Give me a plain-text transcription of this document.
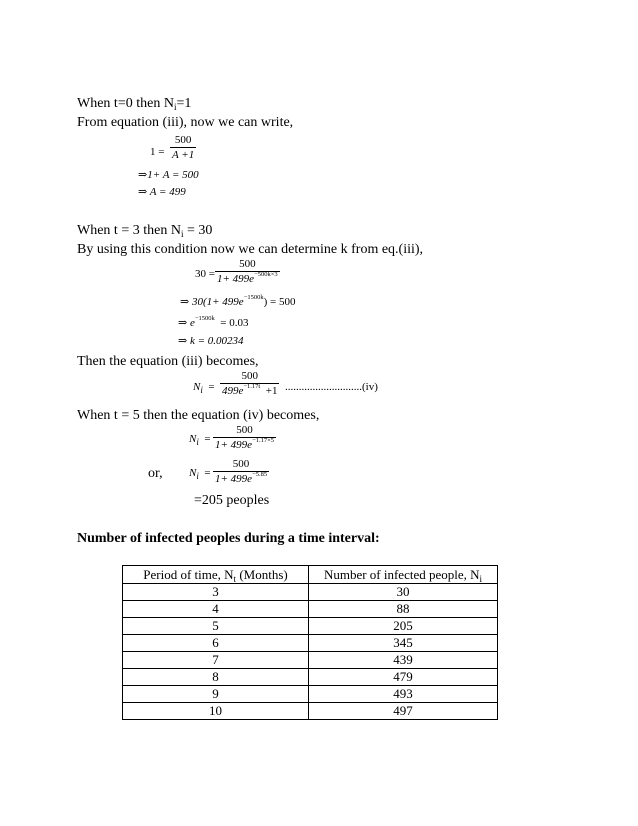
When t=0 then $N_i=1$
From equation (iii), now we can write,
$1 = \frac{500}{A +1}$
⇒1+ A = 500
⇒ A = 499
When t = 3 then $N_i = 30$
By using this condition now we can determine k from eq.(iii),
$30 = \frac{500}{1+ 499e^{-500k\times 3}}$
⇒ $30(1+ 499e^{-1500k}) = 500$
⇒ $e^{-1500k} = 0.03$
⇒ k = 0.00234
Then the equation (iii) becomes,
$N_i = \frac{500}{499e^{-1.17t} +1} ............................(iv)$
When t = 5 then the equation (iv) becomes,
$N_i = \frac{500}{1+ 499e^{-1.17\times 5}}$
or, $N_i = \frac{500}{1+ 499e^{-5.85}}$
=205 peoples
Number of infected peoples during a time interval:
Period of time, $N_t$ (Months)	Number of infected people, $N_i$
3	30
4	88
5	205
6	345
7	439
8	479
9	493
10	497
